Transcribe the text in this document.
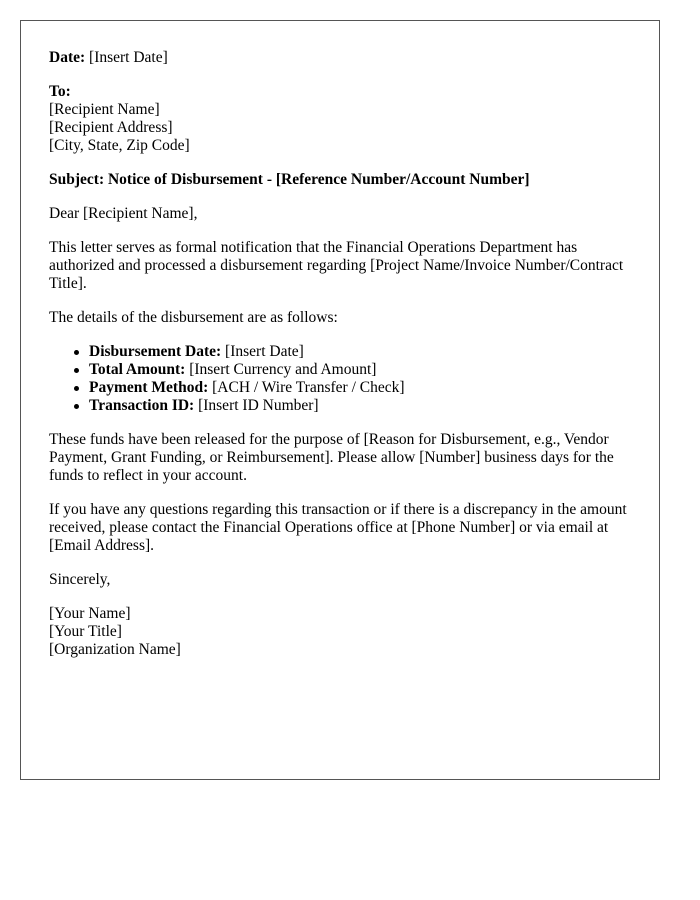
Date: [Insert Date]
To:
[Recipient Name]
[Recipient Address]
[City, State, Zip Code]
Subject: Notice of Disbursement - [Reference Number/Account Number]
Dear [Recipient Name],
This letter serves as formal notification that the Financial Operations Department has authorized and processed a disbursement regarding [Project Name/Invoice Number/Contract Title].
The details of the disbursement are as follows:
Disbursement Date: [Insert Date]
Total Amount: [Insert Currency and Amount]
Payment Method: [ACH / Wire Transfer / Check]
Transaction ID: [Insert ID Number]
These funds have been released for the purpose of [Reason for Disbursement, e.g., Vendor Payment, Grant Funding, or Reimbursement]. Please allow [Number] business days for the funds to reflect in your account.
If you have any questions regarding this transaction or if there is a discrepancy in the amount received, please contact the Financial Operations office at [Phone Number] or via email at [Email Address].
Sincerely,
[Your Name]
[Your Title]
[Organization Name]
